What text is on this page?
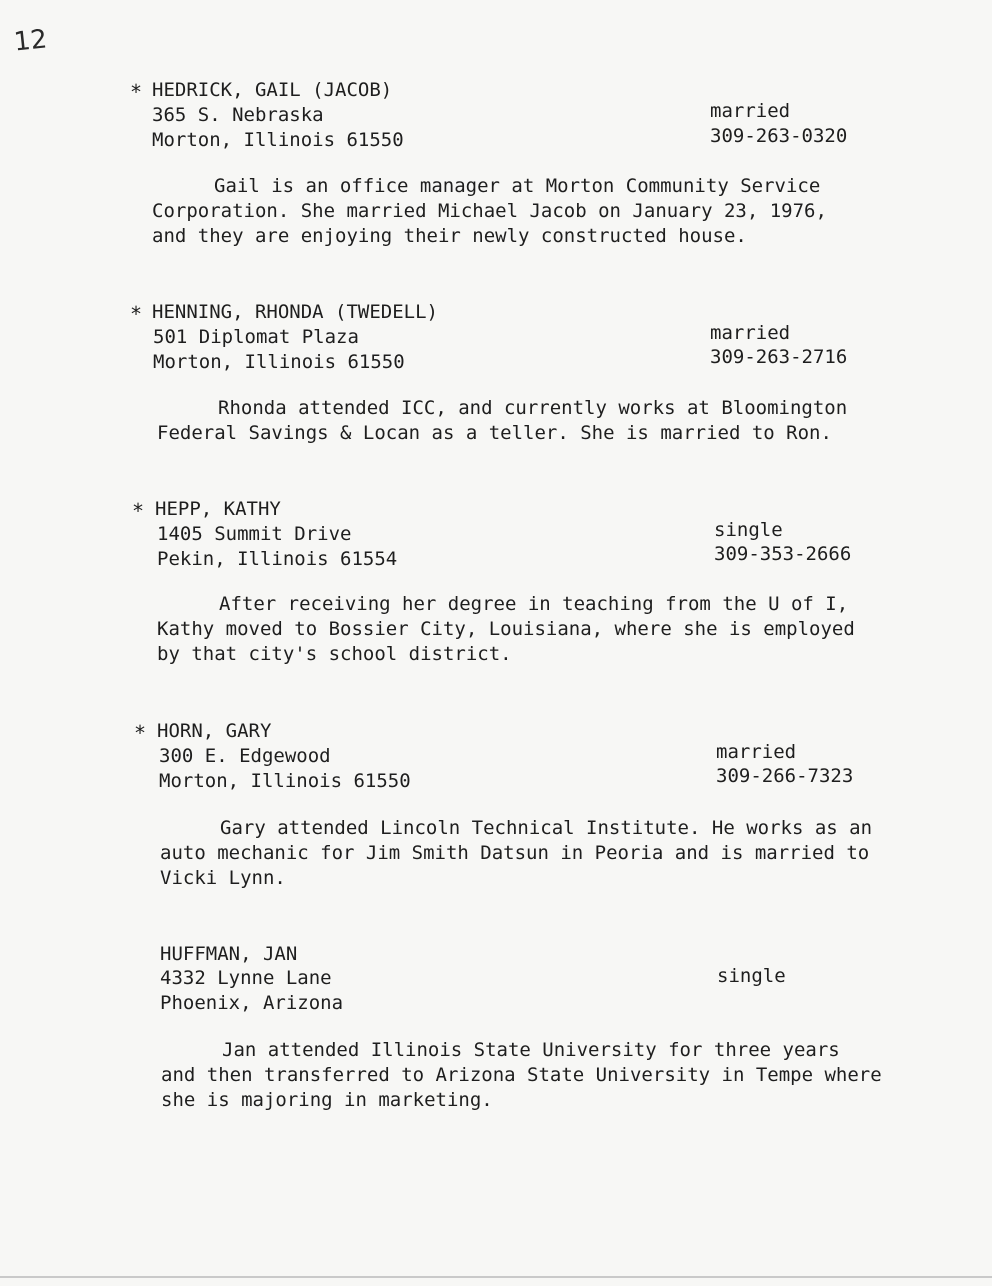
12
* HEDRICK, GAIL (JACOB)
365 S. Nebraska
Morton, Illinois 61550
married
309-263-0320
Gail is an office manager at Morton Community Service
Corporation. She married Michael Jacob on January 23, 1976,
and they are enjoying their newly constructed house.
* HENNING, RHONDA (TWEDELL)
501 Diplomat Plaza
Morton, Illinois 61550
married
309-263-2716
Rhonda attended ICC, and currently works at Bloomington
Federal Savings & Locan as a teller. She is married to Ron.
* HEPP, KATHY
1405 Summit Drive
Pekin, Illinois 61554
single
309-353-2666
After receiving her degree in teaching from the U of I,
Kathy moved to Bossier City, Louisiana, where she is employed
by that city's school district.
* HORN, GARY
300 E. Edgewood
Morton, Illinois 61550
married
309-266-7323
Gary attended Lincoln Technical Institute. He works as an
auto mechanic for Jim Smith Datsun in Peoria and is married to
Vicki Lynn.
HUFFMAN, JAN
4332 Lynne Lane
Phoenix, Arizona
single
Jan attended Illinois State University for three years
and then transferred to Arizona State University in Tempe where
she is majoring in marketing.
